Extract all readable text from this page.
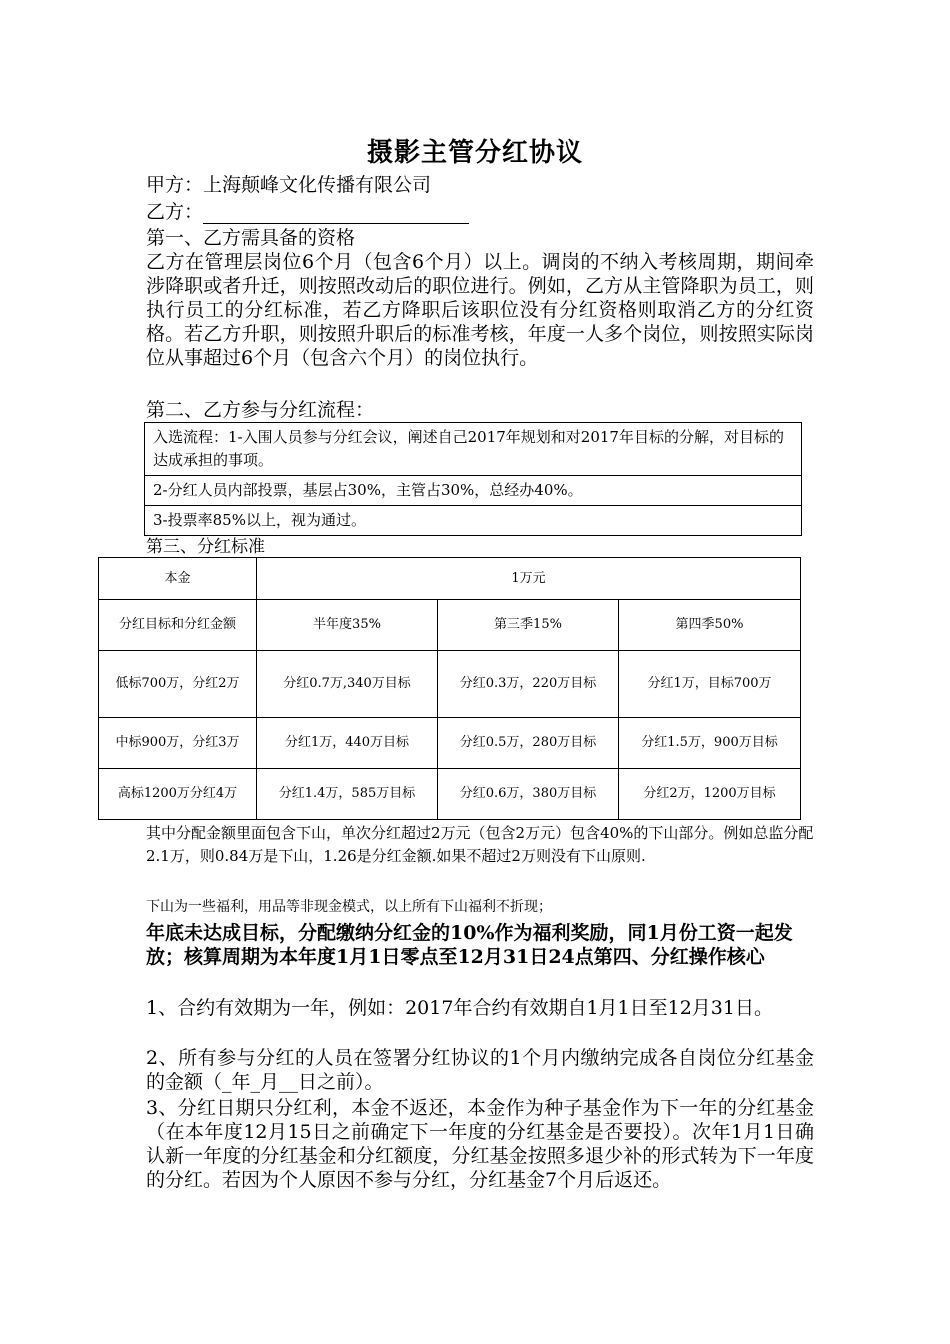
摄影主管分红协议
甲方：上海颠峰文化传播有限公司
乙方：
第一、乙方需具备的资格
乙方在管理层岗位6个月（包含6个月）以上。调岗的不纳入考核周期，期间牵涉降职或者升迁，则按照改动后的职位进行。例如，乙方从主管降职为员工，则执行员工的分红标准，若乙方降职后该职位没有分红资格则取消乙方的分红资格。若乙方升职，则按照升职后的标准考核，年度一人多个岗位，则按照实际岗位从事超过6个月（包含六个月）的岗位执行。
第二、乙方参与分红流程：
入选流程：1-入围人员参与分红会议，阐述自己2017年规划和对2017年目标的分解，对目标的达成承担的事项。
2-分红人员内部投票，基层占30%，主管占30%，总经办40%。
3-投票率85%以上，视为通过。
第三、分红标准
本金	1万元		
分红目标和分红金额	半年度35%	第三季15%	第四季50%
低标700万，分红2万	分红0.7万,340万目标	分红0.3万，220万目标	分红1万，目标700万
中标900万，分红3万	分红1万，440万目标	分红0.5万，280万目标	分红1.5万，900万目标
高标1200万分红4万	分红1.4万，585万目标	分红0.6万，380万目标	分红2万，1200万目标
其中分配金额里面包含下山，单次分红超过2万元（包含2万元）包含40%的下山部分。例如总监分配2.1万，则0.84万是下山，1.26是分红金额.如果不超过2万则没有下山原则.
下山为一些福利，用品等非现金模式，以上所有下山福利不折现；
年底未达成目标，分配缴纳分红金的10%作为福利奖励，同1月份工资一起发放；核算周期为本年度1月1日零点至12月31日24点第四、分红操作核心
1、合约有效期为一年，例如：2017年合约有效期自1月1日至12月31日。
2、所有参与分红的人员在签署分红协议的1个月内缴纳完成各自岗位分红基金的金额（_年_月__日之前）。
3、分红日期只分红利，本金不返还，本金作为种子基金作为下一年的分红基金（在本年度12月15日之前确定下一年度的分红基金是否要投）。次年1月1日确认新一年度的分红基金和分红额度，分红基金按照多退少补的形式转为下一年度的分红。若因为个人原因不参与分红，分红基金7个月后返还。
